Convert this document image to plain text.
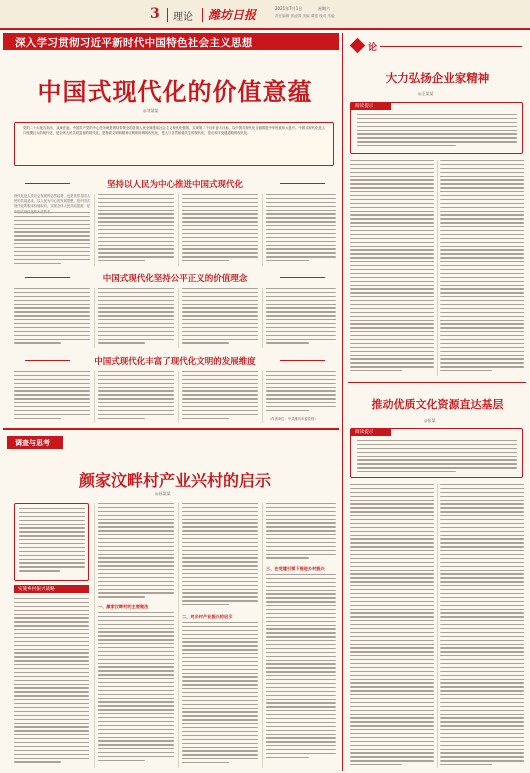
3 理论 潍坊日报	2021年7月1日	星期六
责任编辑 郭凌霄 美编 谭建 校对 马毅
深入学习贯彻习近平新时代中国特色社会主义思想
中国式现代化的价值意蕴
◎刘某某
党的二十大报告指出，从现在起，中国共产党的中心任务就是团结带领全国各族人民全面建成社会主义现代化强国、实现第二个百年奋斗目标，以中国式现代化全面推进中华民族伟大复兴。中国式现代化是人口规模巨大的现代化，是全体人民共同富裕的现代化，是物质文明和精神文明相协调的现代化，是人与自然和谐共生的现代化，是走和平发展道路的现代化。
坚持以人民为中心推进中国式现代化
现代化是人类社会发展的必然趋势，也是世界各国人民的共同追求。以人民为中心的发展思想，是中国式现代化的根本价值取向。实现全体人民共同富裕，是
中国式现代化坚持公平正义的价值理念
中国式现代化丰富了现代化文明的发展维度
（作者单位：中共潍坊市委党校）
调查与思考
颜家汶畔村产业兴村的启示
◎孙某某
实施乡村振兴战略
一、颜家汶畔村的主要做法
二、对乡村产业振兴的启示
三、在党建引领下推进乡村振兴
论
大力弘扬企业家精神
◎王某某
阅读提示
推动优质文化资源直达基层
◎张某
阅读提示
